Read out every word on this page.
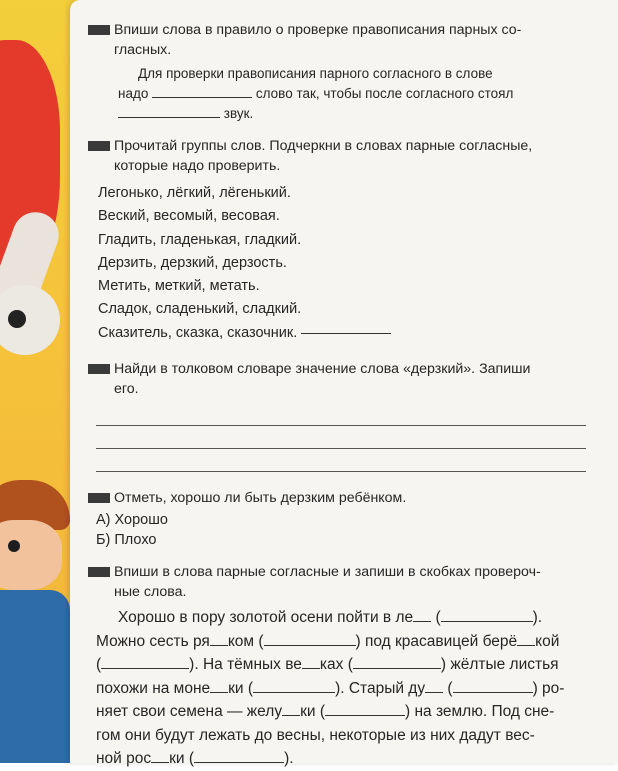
Впиши слова в правило о проверке правописания парных со-
гласных.

Для проверки правописания парного согласного в слове
надо	слово так, чтобы после согласного стоял
звук.

Прочитай группы слов. Подчеркни в словах парные согласные,
которые надо проверить.

Легонько, лёгкий, лёгенький.
Веский, весомый, весовая.
Гладить, гладенькая, гладкий.
Дерзить, дерзкий, дерзость.
Метить, меткий, метать.
Сладок, сладенький, сладкий.
Сказитель, сказка, сказочник.

Найди в толковом словаре значение слова «дерзкий». Запиши
его.

Отметь, хорошо ли быть дерзким ребёнком.

А) Хорошо
Б) Плохо

Впиши в слова парные согласные и запиши в скобках провероч-
ные слова.

Хорошо в пору золотой осени пойти в ле (	).
Можно сесть ря ком (	) под красавицей берё кой
(	). На тёмных ве ках (	) жёлтые листья
похожи на моне ки (	). Старый ду (	) ро-
няет свои семена — желу ки (	) на землю. Под сне-
гом они будут лежать до весны, некоторые из них дадут вес-
ной рос ки (	).
